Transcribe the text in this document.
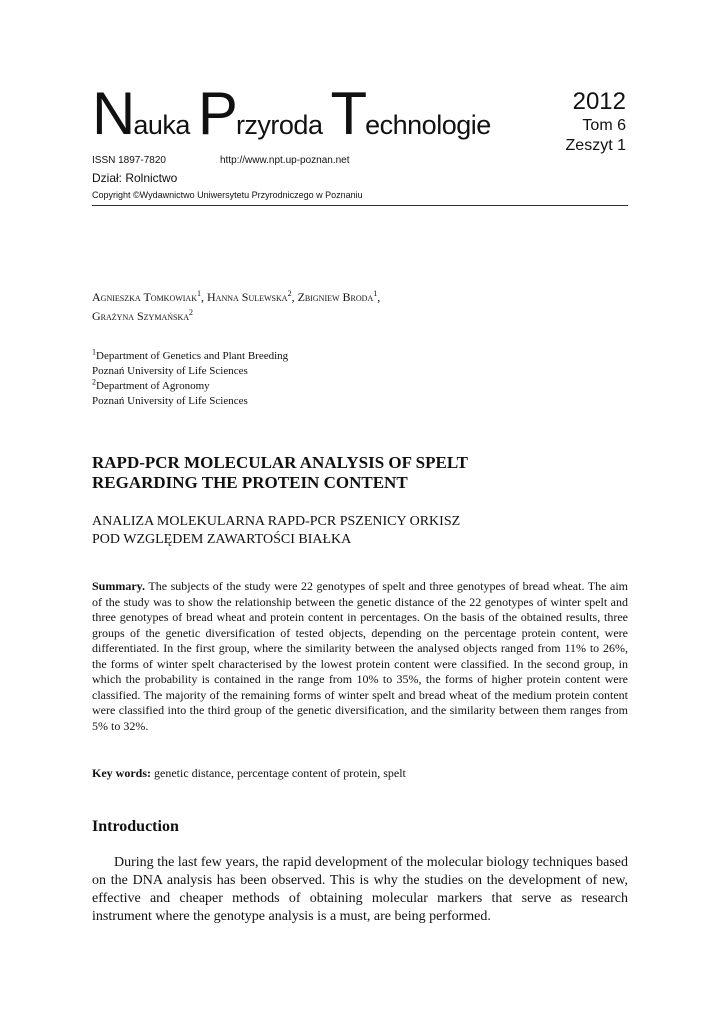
Nauka Przyroda Technologie
2012
Tom 6
Zeszyt 1
ISSN 1897-7820	http://www.npt.up-poznan.net
Dział: Rolnictwo
Copyright ©Wydawnictwo Uniwersytetu Przyrodniczego w Poznaniu
Agnieszka Tomkowiak$^1$, Hanna Sulewska$^2$, Zbigniew Broda$^1$,
Grażyna Szymańska$^2$
$^1$Department of Genetics and Plant Breeding
Poznań University of Life Sciences
$^2$Department of Agronomy
Poznań University of Life Sciences
RAPD-PCR MOLECULAR ANALYSIS OF SPELT
REGARDING THE PROTEIN CONTENT
ANALIZA MOLEKULARNA RAPD-PCR PSZENICY ORKISZ
POD WZGLĘDEM ZAWARTOŚCI BIAŁKA
Summary. The subjects of the study were 22 genotypes of spelt and three genotypes of bread wheat. The aim of the study was to show the relationship between the genetic distance of the 22 genotypes of winter spelt and three genotypes of bread wheat and protein content in percentages. On the basis of the obtained results, three groups of the genetic diversification of tested objects, depending on the percentage protein content, were differentiated. In the first group, where the similarity between the analysed objects ranged from 11% to 26%, the forms of winter spelt characterised by the lowest protein content were classified. In the second group, in which the probability is contained in the range from 10% to 35%, the forms of higher protein content were classified. The majority of the remaining forms of winter spelt and bread wheat of the medium protein content were classified into the third group of the genetic diversification, and the similarity between them ranges from 5% to 32%.
Key words: genetic distance, percentage content of protein, spelt
Introduction
During the last few years, the rapid development of the molecular biology techniques based on the DNA analysis has been observed. This is why the studies on the development of new, effective and cheaper methods of obtaining molecular markers that serve as research instrument where the genotype analysis is a must, are being performed.
